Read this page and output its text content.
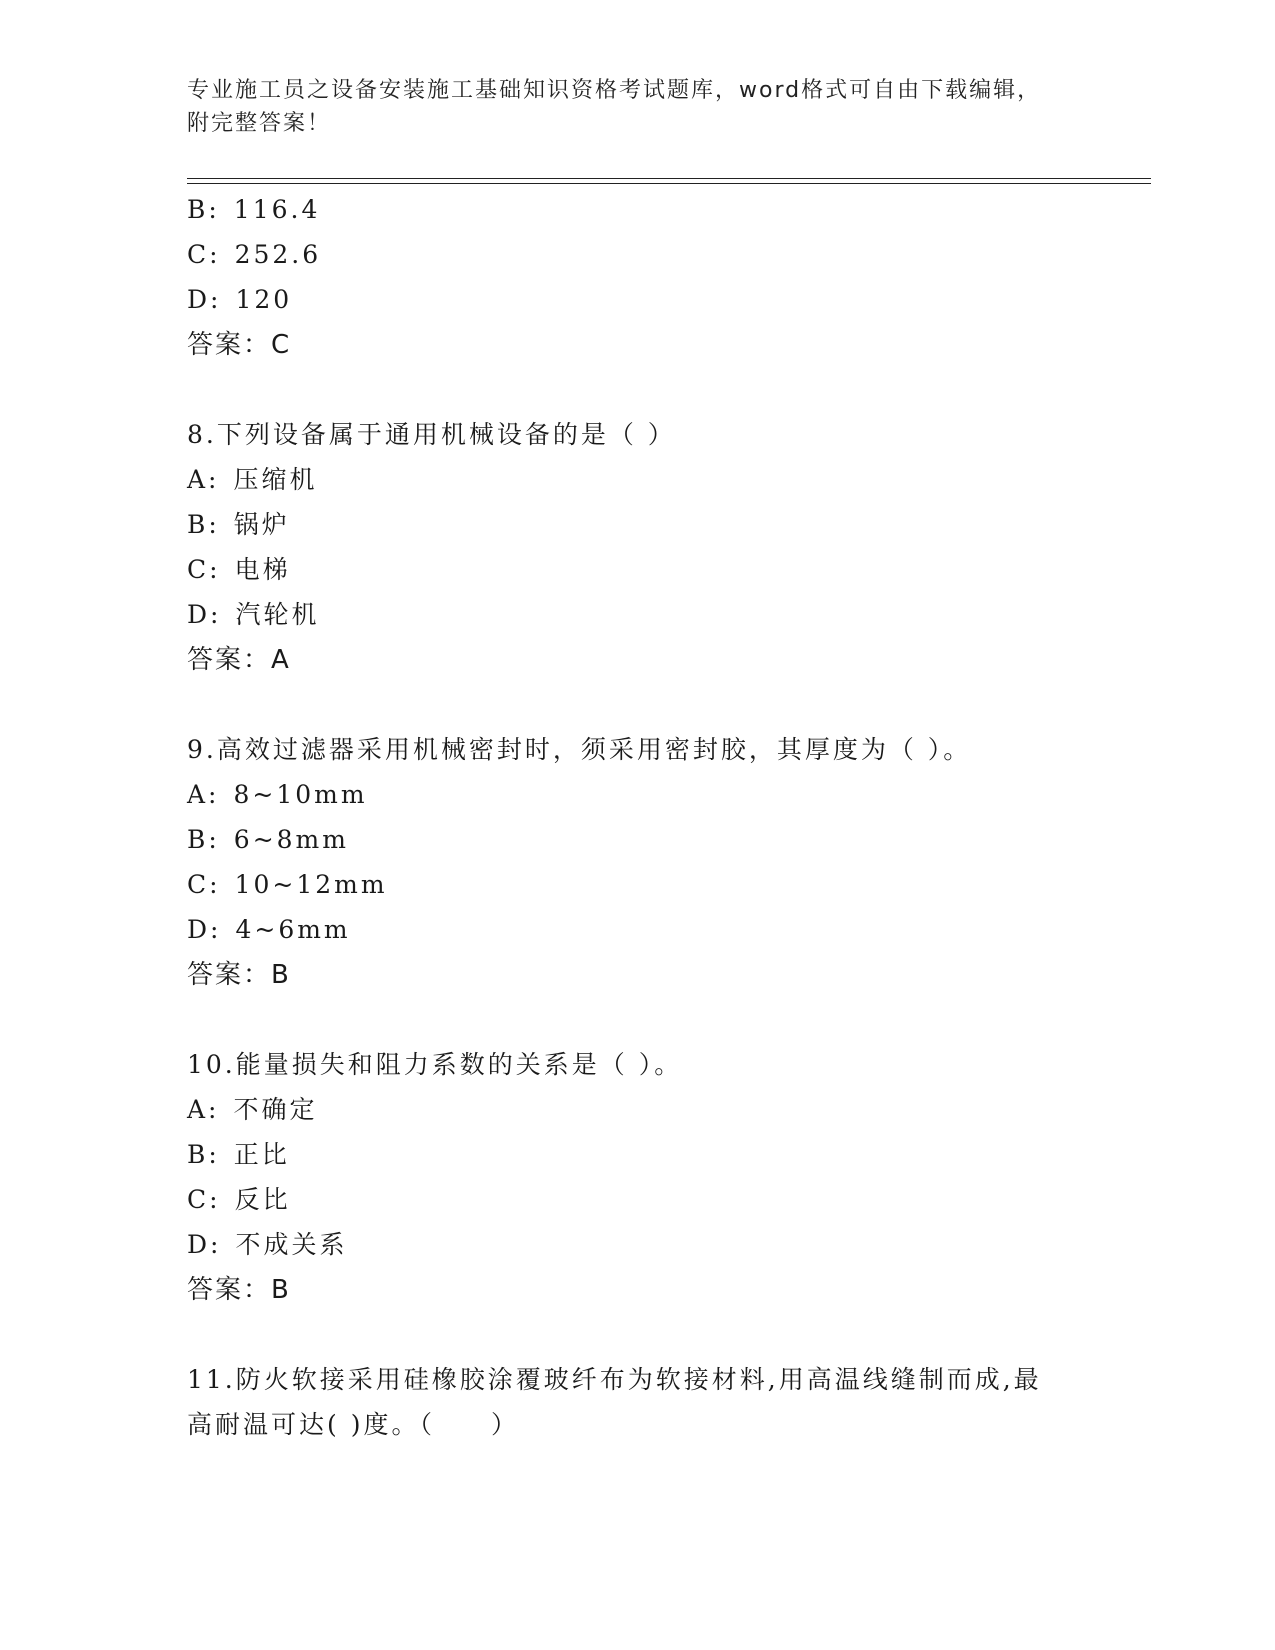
专业施工员之设备安装施工基础知识资格考试题库，word格式可自由下载编辑，
附完整答案！
B: 116.4
C: 252.6
D: 120
答案：C
8.下列设备属于通用机械设备的是（ ）
A: 压缩机
B: 锅炉
C: 电梯
D: 汽轮机
答案：A
9.高效过滤器采用机械密封时，须采用密封胶，其厚度为（ ）。
A: 8~10mm
B: 6~8mm
C: 10~12mm
D: 4~6mm
答案：B
10.能量损失和阻力系数的关系是（ ）。
A: 不确定
B: 正比
C: 反比
D: 不成关系
答案：B
11.防火软接采用硅橡胶涂覆玻纤布为软接材料,用高温线缝制而成,最
高耐温可达( )度。（　　）
